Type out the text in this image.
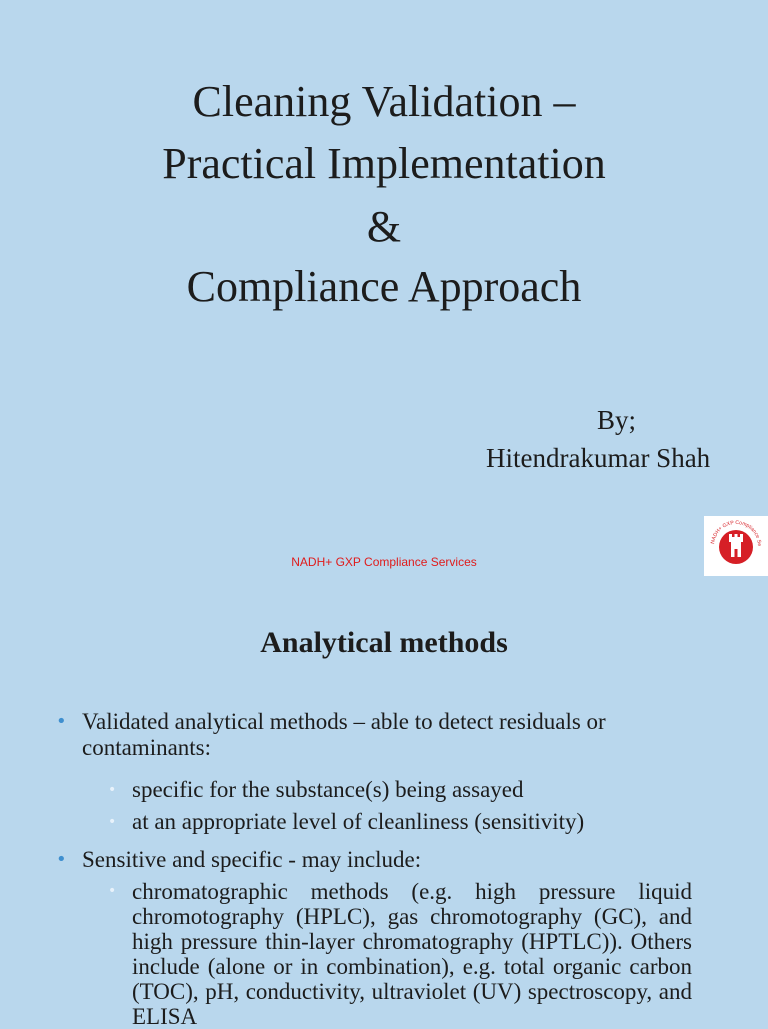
Cleaning Validation –
Practical Implementation
&
Compliance Approach
By;
Hitendrakumar Shah
NADH+ GXP Compliance Services
NADH+ GXP Compliance Se
Analytical methods
• Validated analytical methods – able to detect residuals or contaminants:
• specific for the substance(s) being assayed
• at an appropriate level of cleanliness (sensitivity)
• Sensitive and specific - may include:
• chromatographic methods (e.g. high pressure liquid chromotography (HPLC), gas chromotography (GC), and high pressure thin-layer chromatography (HPTLC)). Others include (alone or in combination), e.g. total organic carbon (TOC), pH, conductivity, ultraviolet (UV) spectroscopy, and ELISA
